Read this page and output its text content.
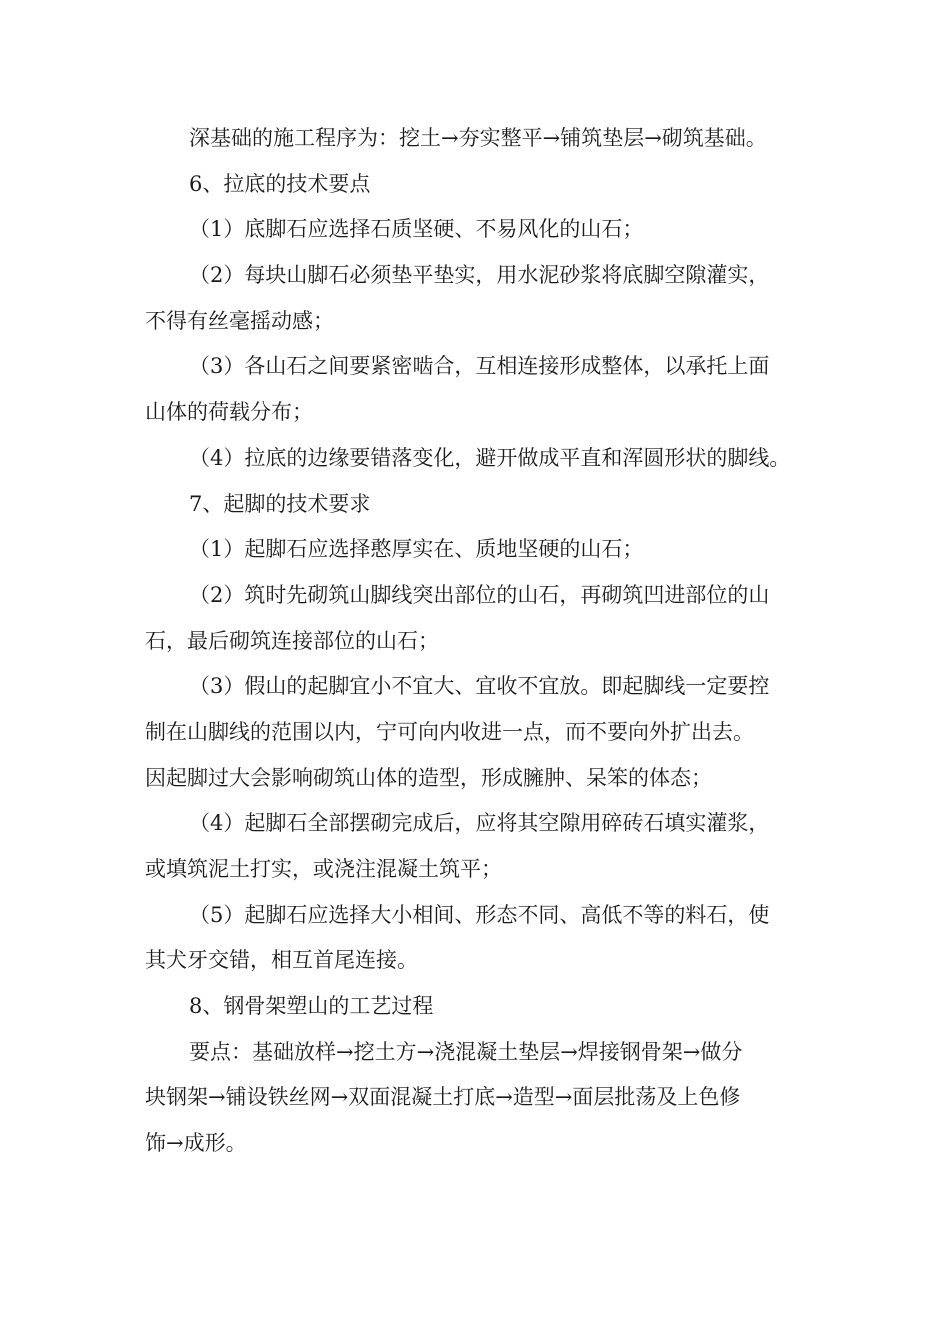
深基础的施工程序为：挖土→夯实整平→铺筑垫层→砌筑基础。
6、拉底的技术要点
（1）底脚石应选择石质坚硬、不易风化的山石；
（2）每块山脚石必须垫平垫实，用水泥砂浆将底脚空隙灌实，
不得有丝毫摇动感；
（3）各山石之间要紧密啮合，互相连接形成整体，以承托上面
山体的荷载分布；
（4）拉底的边缘要错落变化，避开做成平直和浑圆形状的脚线。
7、起脚的技术要求
（1）起脚石应选择憨厚实在、质地坚硬的山石；
（2）筑时先砌筑山脚线突出部位的山石，再砌筑凹进部位的山
石，最后砌筑连接部位的山石；
（3）假山的起脚宜小不宜大、宜收不宜放。即起脚线一定要控
制在山脚线的范围以内，宁可向内收进一点，而不要向外扩出去。
因起脚过大会影响砌筑山体的造型，形成臃肿、呆笨的体态；
（4）起脚石全部摆砌完成后，应将其空隙用碎砖石填实灌浆，
或填筑泥土打实，或浇注混凝土筑平；
（5）起脚石应选择大小相间、形态不同、高低不等的料石，使
其犬牙交错，相互首尾连接。
8、钢骨架塑山的工艺过程
要点：基础放样→挖土方→浇混凝土垫层→焊接钢骨架→做分
块钢架→铺设铁丝网→双面混凝土打底→造型→面层批荡及上色修
饰→成形。
